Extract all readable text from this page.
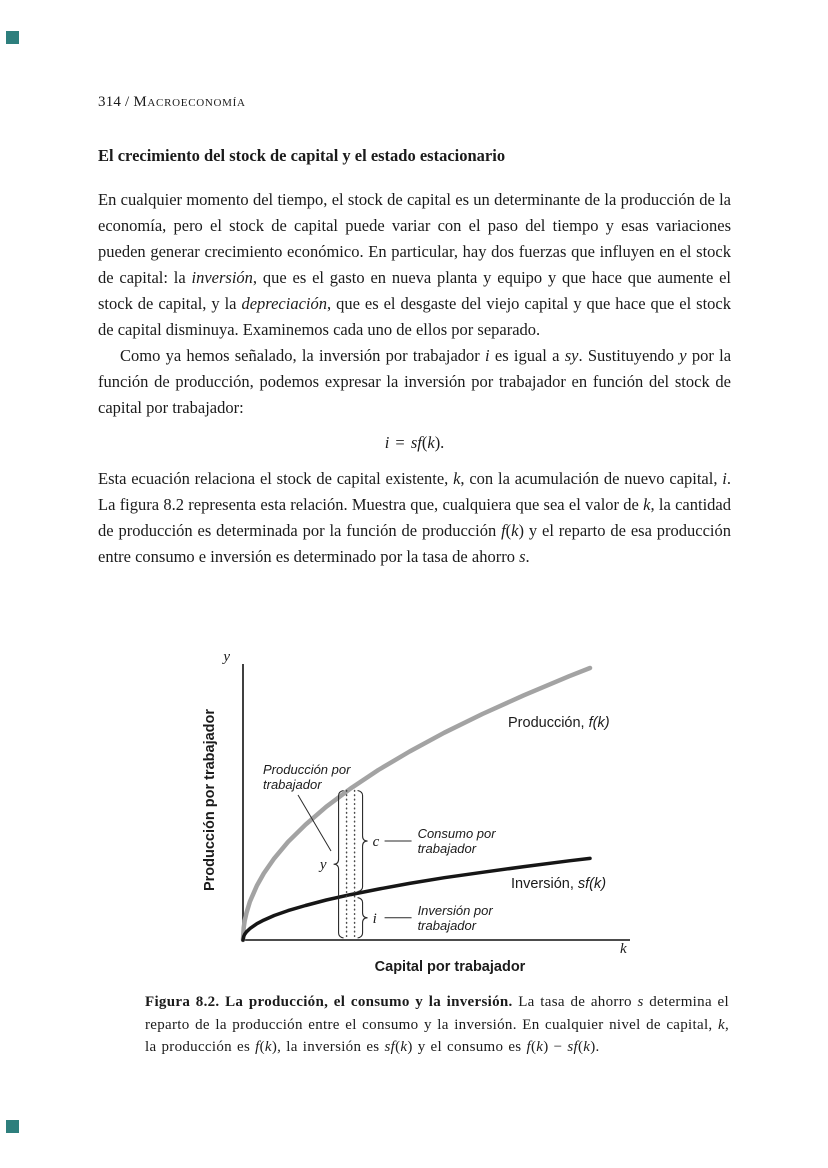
314 / Macroeconomía
El crecimiento del stock de capital y el estado estacionario

En cualquier momento del tiempo, el stock de capital es un determinante de la producción de la economía, pero el stock de capital puede variar con el paso del tiempo y esas variaciones pueden generar crecimiento económico. En particular, hay dos fuerzas que influyen en el stock de capital: la inversión, que es el gasto en nueva planta y equipo y que hace que aumente el stock de capital, y la depreciación, que es el desgaste del viejo capital y que hace que el stock de capital disminuya. Examinemos cada uno de ellos por separado.

Como ya hemos señalado, la inversión por trabajador i es igual a sy. Sustituyendo y por la función de producción, podemos expresar la inversión por trabajador en función del stock de capital por trabajador:

i = sf(k).

Esta ecuación relaciona el stock de capital existente, k, con la acumulación de nuevo capital, i. La figura 8.2 representa esta relación. Muestra que, cualquiera que sea el valor de k, la cantidad de producción es determinada por la función de producción f(k) y el reparto de esa producción entre consumo e inversión es determinado por la tasa de ahorro s.

y
k
Capital por trabajador
Producción por trabajador	Producción, f(k)
Inversión, sf(k)
Producción por
trabajador
y
c
Consumo por
trabajador
i
Inversión por
trabajador

Figura 8.2. La producción, el consumo y la inversión. La tasa de ahorro s determina el reparto de la producción entre el consumo y la inversión. En cualquier nivel de capital, k, la producción es f(k), la inversión es sf(k) y el consumo es f(k) − sf(k).
